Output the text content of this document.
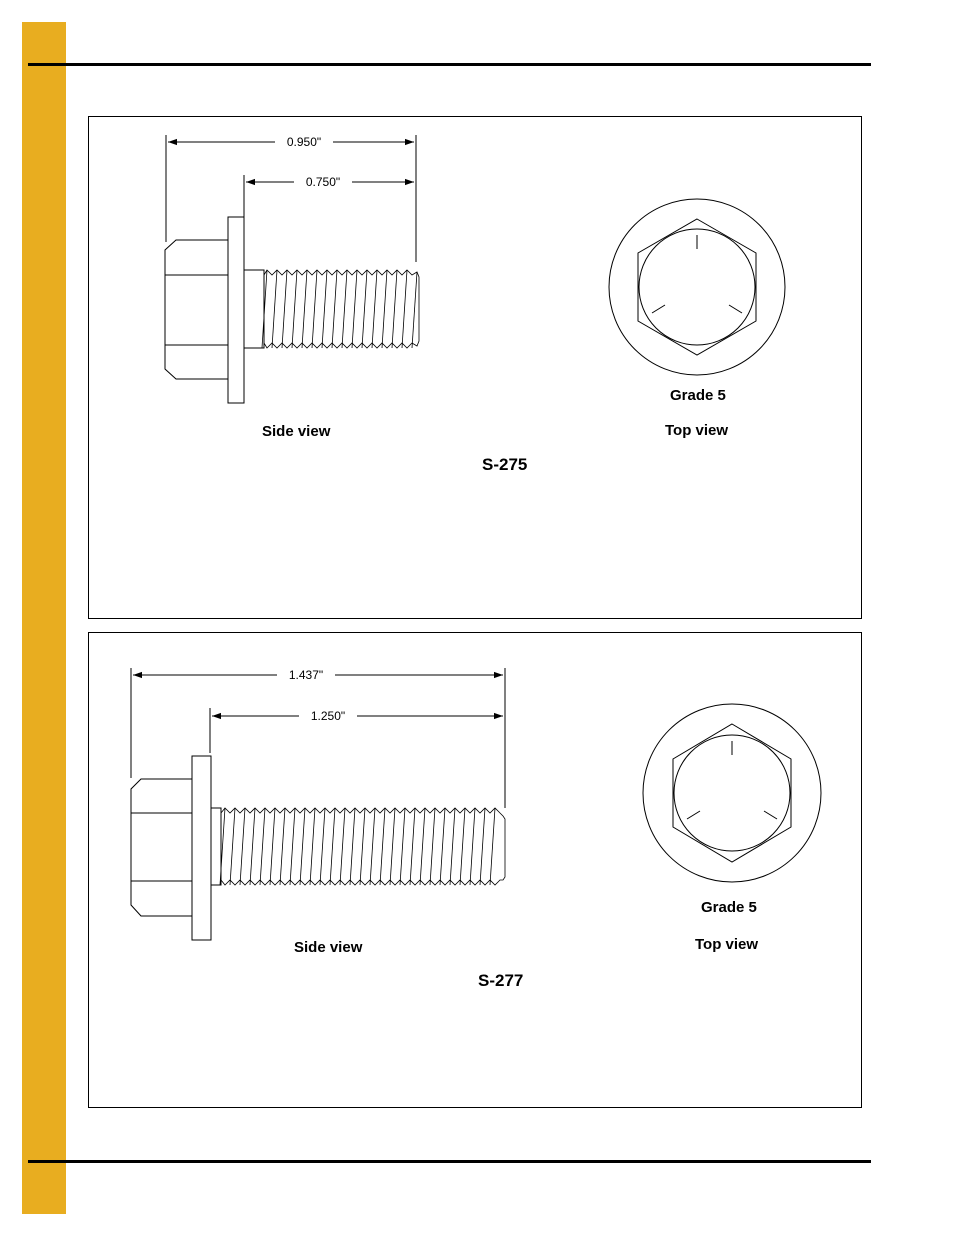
0.950"
0.750"
Side view
Grade 5
Top view
S-275
1.437"
1.250"
Side view
Grade 5
Top view
S-277
